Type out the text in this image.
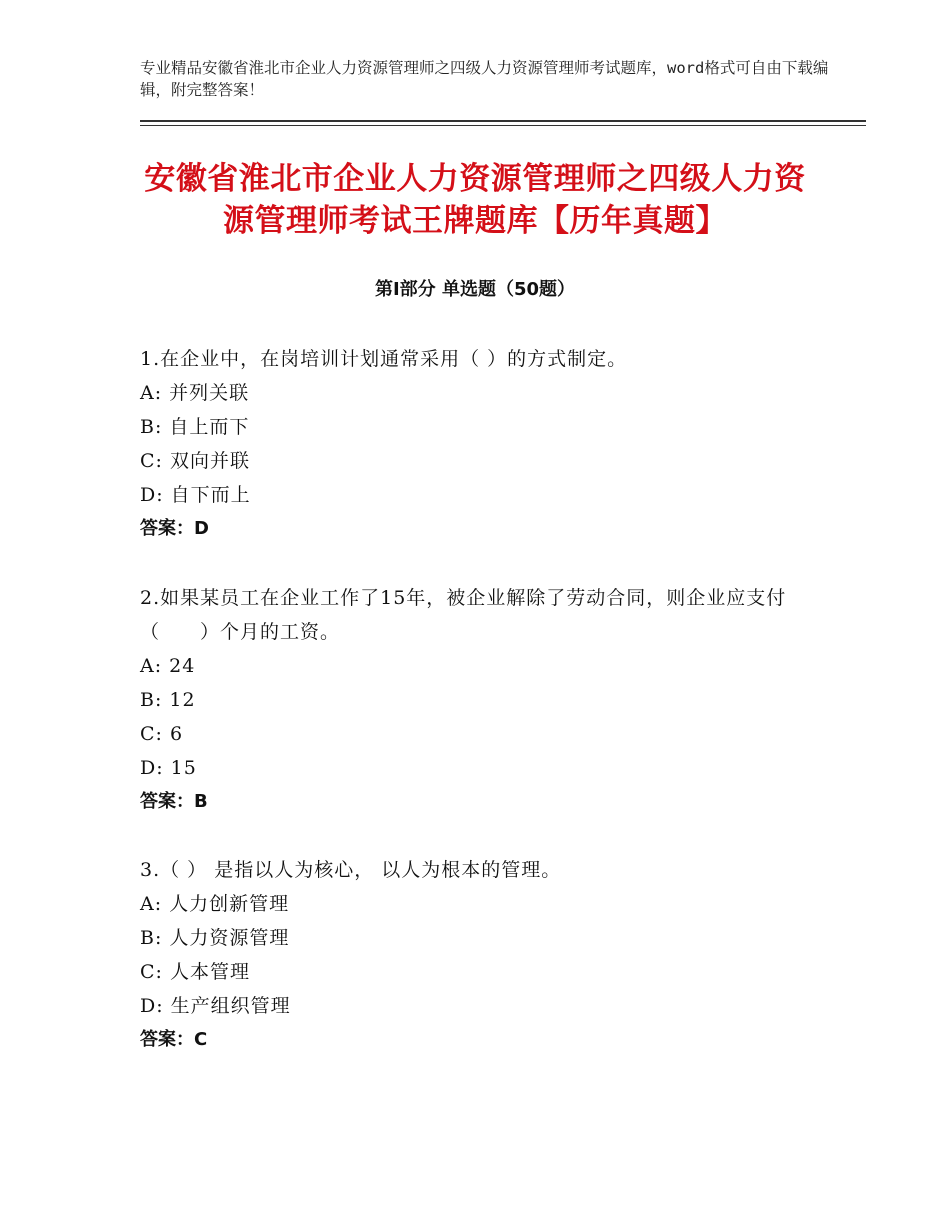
专业精品安徽省淮北市企业人力资源管理师之四级人力资源管理师考试题库，word格式可自由下载编辑，附完整答案！
安徽省淮北市企业人力资源管理师之四级人力资源管理师考试王牌题库【历年真题】
第Ⅰ部分 单选题（50题）
1.在企业中，在岗培训计划通常采用（ ）的方式制定。
A: 并列关联
B: 自上而下
C: 双向并联
D: 自下而上
答案：D
2.如果某员工在企业工作了15年，被企业解除了劳动合同，则企业应支付（　　）个月的工资。
A: 24
B: 12
C: 6
D: 15
答案：B
3.（ ） 是指以人为核心， 以人为根本的管理。
A: 人力创新管理
B: 人力资源管理
C: 人本管理
D: 生产组织管理
答案：C
